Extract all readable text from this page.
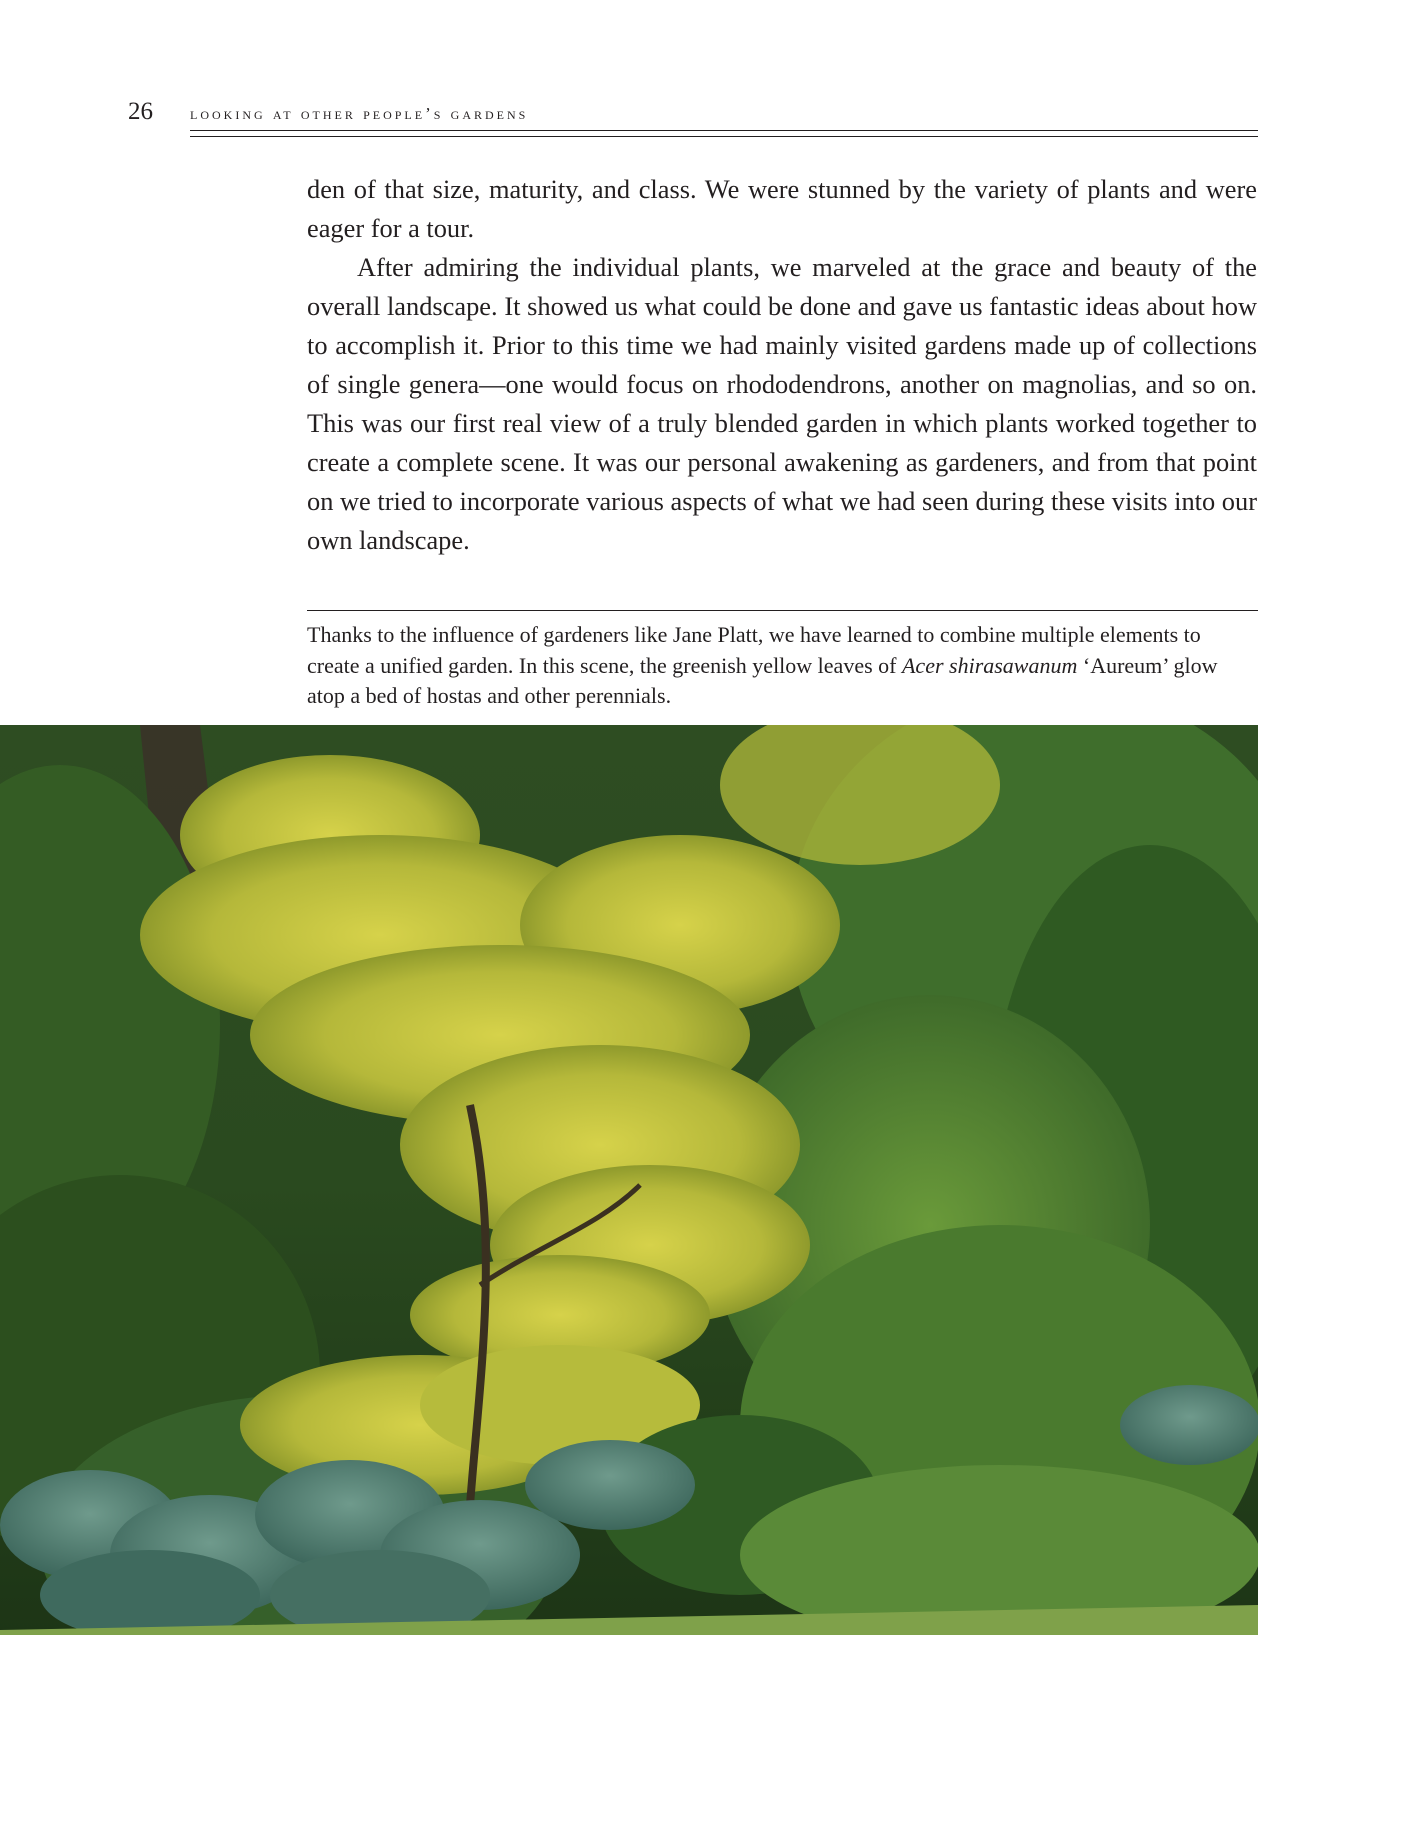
26 looking at other people’s gardens

den of that size, maturity, and class. We were stunned by the variety of plants and were eager for a tour.

After admiring the individual plants, we marveled at the grace and beauty of the overall landscape. It showed us what could be done and gave us fantastic ideas about how to accomplish it. Prior to this time we had mainly visited gardens made up of collections of single genera—one would focus on rhododendrons, another on magnolias, and so on. This was our first real view of a truly blended garden in which plants worked together to create a complete scene. It was our personal awakening as gardeners, and from that point on we tried to incorporate various aspects of what we had seen during these visits into our own landscape.

Thanks to the influence of gardeners like Jane Platt, we have learned to combine multiple elements to create a unified garden. In this scene, the greenish yellow leaves of Acer shirasawanum ‘Aureum’ glow atop a bed of hostas and other perennials.
